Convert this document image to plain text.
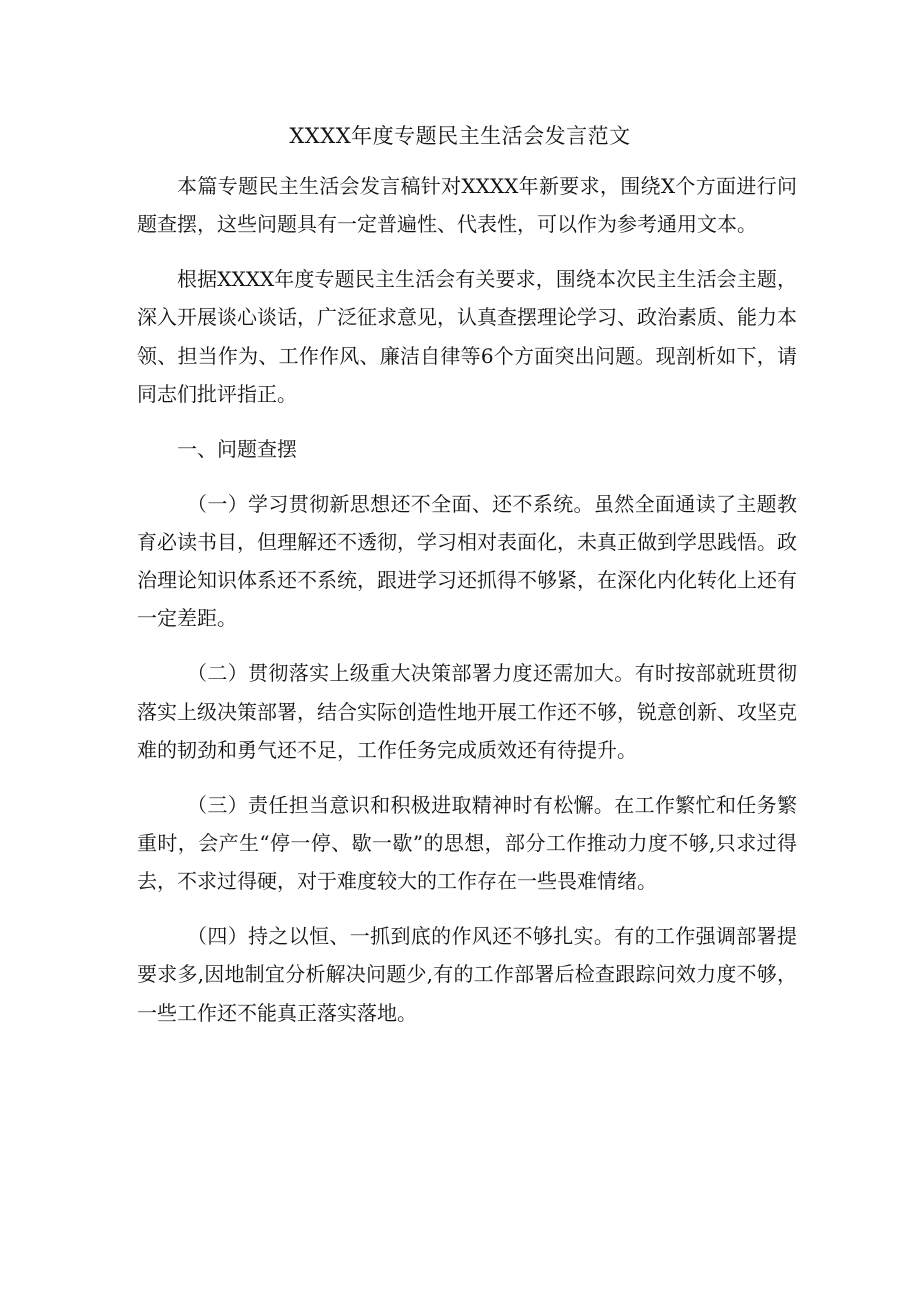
XXXX年度专题民主生活会发言范文

本篇专题民主生活会发言稿针对XXXX年新要求，围绕X个方面进行问题查摆，这些问题具有一定普遍性、代表性，可以作为参考通用文本。

根据XXXX年度专题民主生活会有关要求，围绕本次民主生活会主题，深入开展谈心谈话，广泛征求意见，认真查摆理论学习、政治素质、能力本领、担当作为、工作作风、廉洁自律等6个方面突出问题。现剖析如下，请同志们批评指正。

一、问题查摆

（一）学习贯彻新思想还不全面、还不系统。虽然全面通读了主题教育必读书目，但理解还不透彻，学习相对表面化，未真正做到学思践悟。政治理论知识体系还不系统，跟进学习还抓得不够紧，在深化内化转化上还有一定差距。

（二）贯彻落实上级重大决策部署力度还需加大。有时按部就班贯彻落实上级决策部署，结合实际创造性地开展工作还不够，锐意创新、攻坚克难的韧劲和勇气还不足，工作任务完成质效还有待提升。

（三）责任担当意识和积极进取精神时有松懈。在工作繁忙和任务繁重时，会产生“停一停、歇一歇”的思想，部分工作推动力度不够,只求过得去，不求过得硬，对于难度较大的工作存在一些畏难情绪。

（四）持之以恒、一抓到底的作风还不够扎实。有的工作强调部署提要求多,因地制宜分析解决问题少,有的工作部署后检查跟踪问效力度不够，一些工作还不能真正落实落地。
